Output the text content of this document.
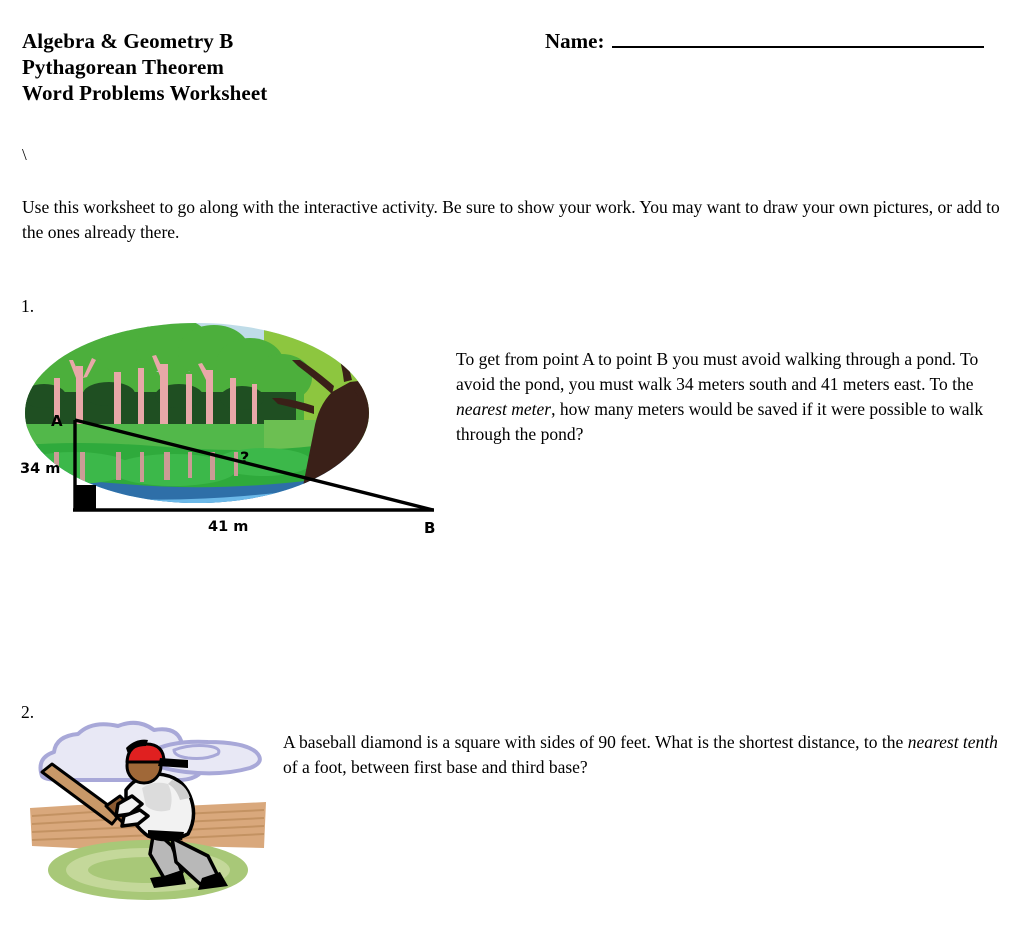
Algebra & Geometry B
Pythagorean Theorem
Word Problems Worksheet
Name:
\
Use this worksheet to go along with the interactive activity. Be sure to show your work. You may want to draw your own pictures, or add to the ones already there.
1.
To get from point A to point B you must avoid walking through a pond. To avoid the pond, you must walk 34 meters south and 41 meters east. To the nearest meter, how many meters would be saved if it were possible to walk through the pond?
A
B
34 m
41 m
?
2.
A baseball diamond is a square with sides of 90 feet. What is the shortest distance, to the nearest tenth of a foot, between first base and third base?
